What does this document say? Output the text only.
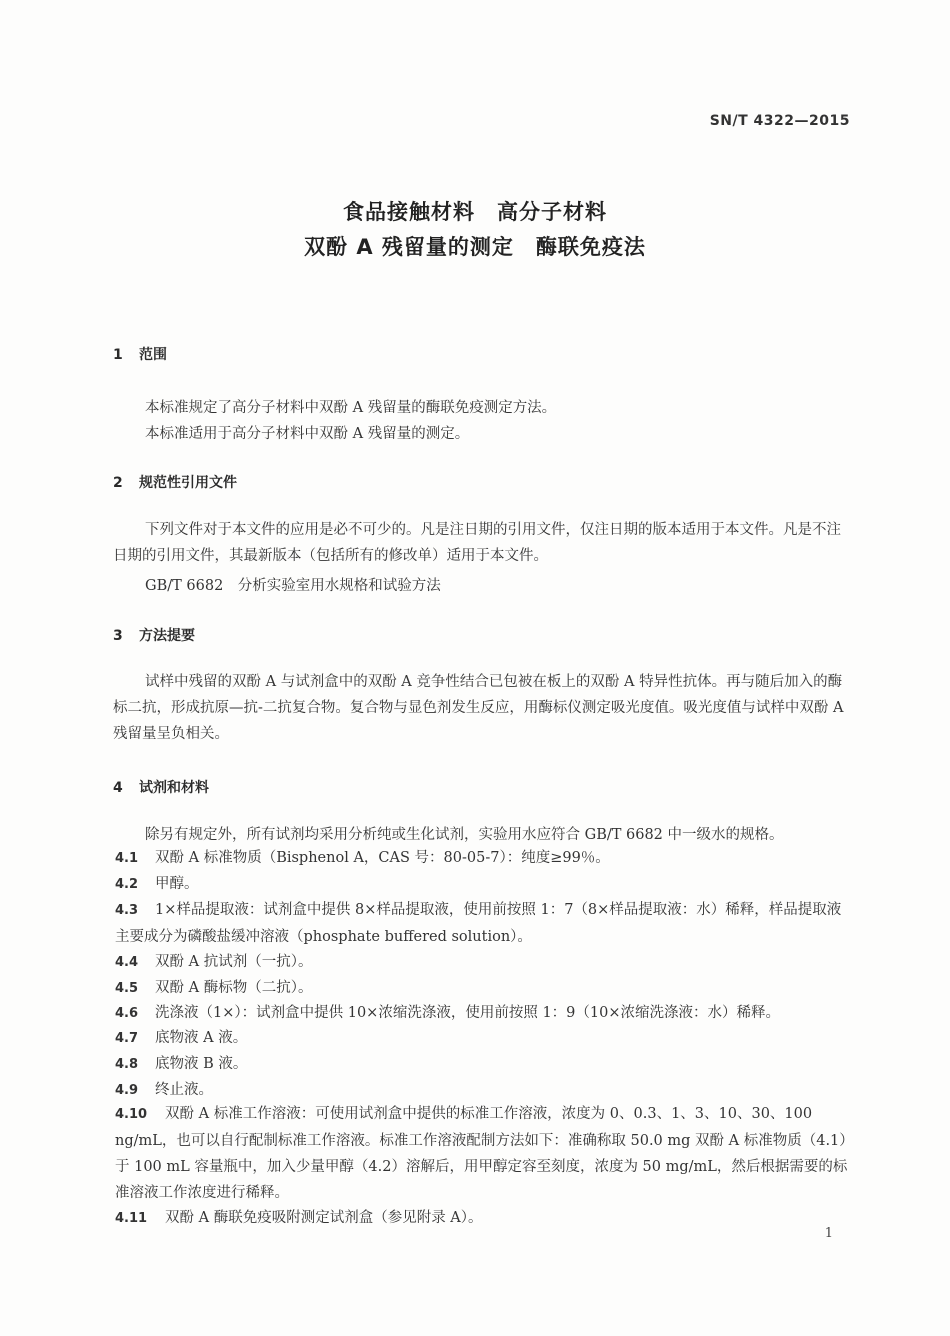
SN/T 4322—2015
食品接触材料　高分子材料
双酚 A 残留量的测定　酶联免疫法
1 范围
本标准规定了高分子材料中双酚 A 残留量的酶联免疫测定方法。
本标准适用于高分子材料中双酚 A 残留量的测定。
2 规范性引用文件
下列文件对于本文件的应用是必不可少的。凡是注日期的引用文件，仅注日期的版本适用于本文件。凡是不注日期的引用文件，其最新版本（包括所有的修改单）适用于本文件。
GB/T 6682　分析实验室用水规格和试验方法
3 方法提要
试样中残留的双酚 A 与试剂盒中的双酚 A 竞争性结合已包被在板上的双酚 A 特异性抗体。再与随后加入的酶标二抗，形成抗原—抗-二抗复合物。复合物与显色剂发生反应，用酶标仪测定吸光度值。吸光度值与试样中双酚 A 残留量呈负相关。
4 试剂和材料
除另有规定外，所有试剂均采用分析纯或生化试剂，实验用水应符合 GB/T 6682 中一级水的规格。
4.1 双酚 A 标准物质（Bisphenol A，CAS 号：80-05-7）：纯度≥99％。
4.2 甲醇。
4.3 1×样品提取液：试剂盒中提供 8×样品提取液，使用前按照 1：7（8×样品提取液：水）稀释，样品提取液主要成分为磷酸盐缓冲溶液（phosphate buffered solution）。
4.4 双酚 A 抗试剂（一抗）。
4.5 双酚 A 酶标物（二抗）。
4.6 洗涤液（1×）：试剂盒中提供 10×浓缩洗涤液，使用前按照 1：9（10×浓缩洗涤液：水）稀释。
4.7 底物液 A 液。
4.8 底物液 B 液。
4.9 终止液。
4.10 双酚 A 标准工作溶液：可使用试剂盒中提供的标准工作溶液，浓度为 0、0.3、1、3、10、30、100 ng/mL，也可以自行配制标准工作溶液。标准工作溶液配制方法如下：准确称取 50.0 mg 双酚 A 标准物质（4.1）于 100 mL 容量瓶中，加入少量甲醇（4.2）溶解后，用甲醇定容至刻度，浓度为 50 mg/mL，然后根据需要的标准溶液工作浓度进行稀释。
4.11 双酚 A 酶联免疫吸附测定试剂盒（参见附录 A）。
1
